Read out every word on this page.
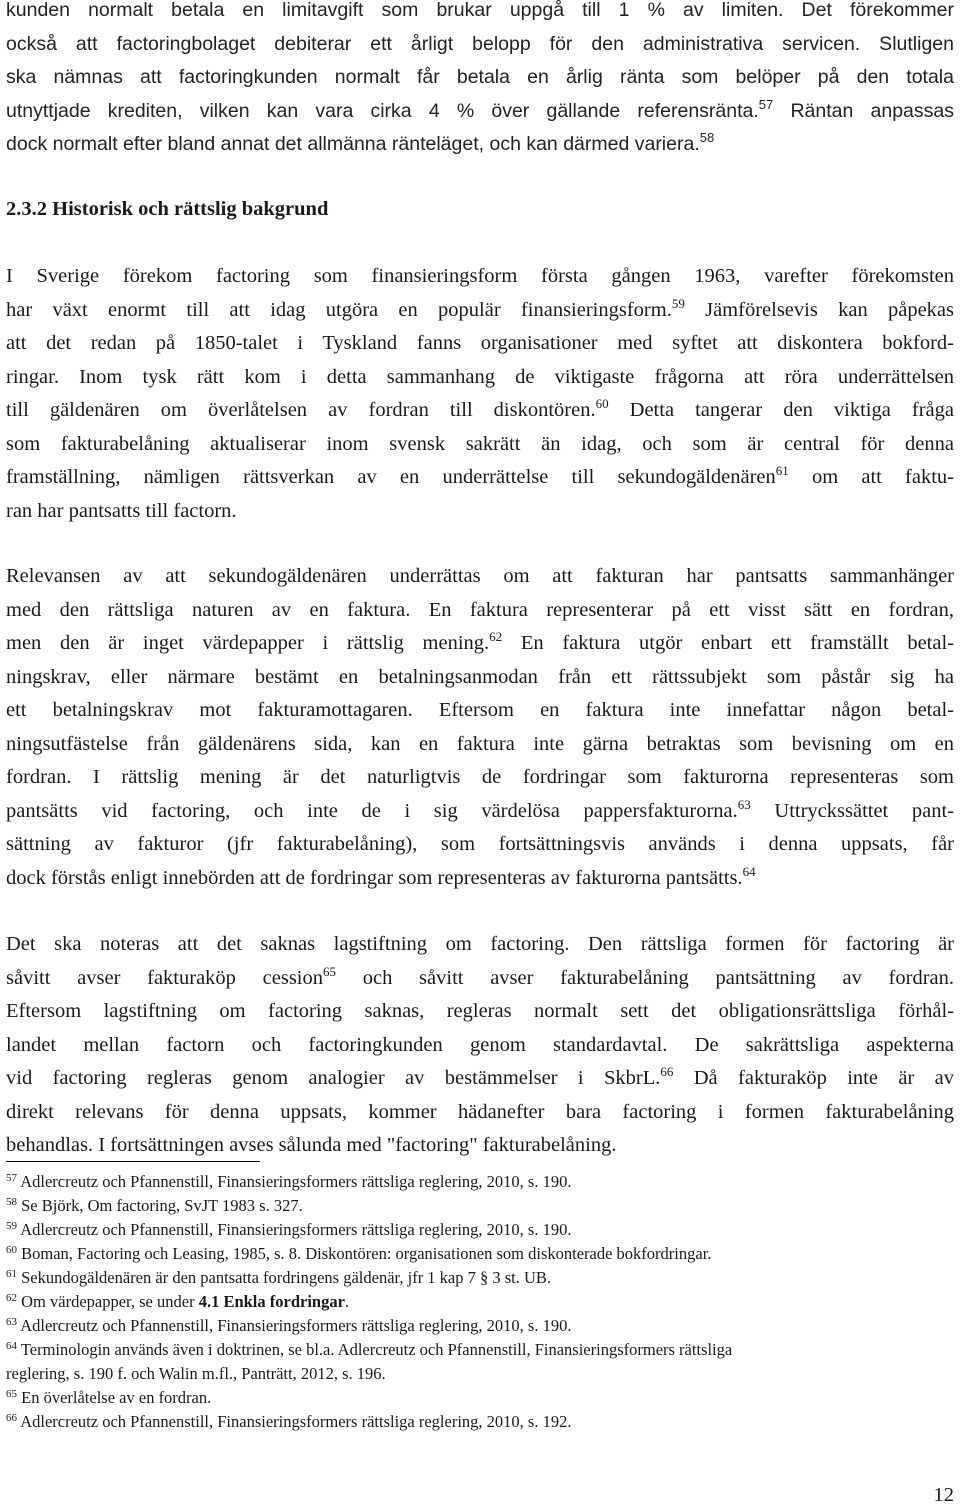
kunden normalt betala en limitavgift som brukar uppgå till 1 % av limiten. Det förekommer
också att factoringbolaget debiterar ett årligt belopp för den administrativa servicen. Slutligen
ska nämnas att factoringkunden normalt får betala en årlig ränta som belöper på den totala
utnyttjade krediten, vilken kan vara cirka 4 % över gällande referensränta.$^{57}$ Räntan anpassas
dock normalt efter bland annat det allmänna ränteläget, och kan därmed variera.$^{58}$

2.3.2 Historisk och rättslig bakgrund

I Sverige förekom factoring som finansieringsform första gången 1963, varefter förekomsten
har växt enormt till att idag utgöra en populär finansieringsform.$^{59}$ Jämförelsevis kan påpekas
att det redan på 1850-talet i Tyskland fanns organisationer med syftet att diskontera bokford-
ringar. Inom tysk rätt kom i detta sammanhang de viktigaste frågorna att röra underrättelsen
till gäldenären om överlåtelsen av fordran till diskontören.$^{60}$ Detta tangerar den viktiga fråga
som fakturabelåning aktualiserar inom svensk sakrätt än idag, och som är central för denna
framställning, nämligen rättsverkan av en underrättelse till sekundogäldenären$^{61}$ om att faktu-
ran har pantsatts till factorn.

Relevansen av att sekundogäldenären underrättas om att fakturan har pantsatts sammanhänger
med den rättsliga naturen av en faktura. En faktura representerar på ett visst sätt en fordran,
men den är inget värdepapper i rättslig mening.$^{62}$ En faktura utgör enbart ett framställt betal-
ningskrav, eller närmare bestämt en betalningsanmodan från ett rättssubjekt som påstår sig ha
ett betalningskrav mot fakturamottagaren. Eftersom en faktura inte innefattar någon betal-
ningsutfästelse från gäldenärens sida, kan en faktura inte gärna betraktas som bevisning om en
fordran. I rättslig mening är det naturligtvis de fordringar som fakturorna representeras som
pantsätts vid factoring, och inte de i sig värdelösa pappersfakturorna.$^{63}$ Uttryckssättet pant-
sättning av fakturor (jfr fakturabelåning), som fortsättningsvis används i denna uppsats, får
dock förstås enligt innebörden att de fordringar som representeras av fakturorna pantsätts.$^{64}$

Det ska noteras att det saknas lagstiftning om factoring. Den rättsliga formen för factoring är
såvitt avser fakturaköp cession$^{65}$ och såvitt avser fakturabelåning pantsättning av fordran.
Eftersom lagstiftning om factoring saknas, regleras normalt sett det obligationsrättsliga förhål-
landet mellan factorn och factoringkunden genom standardavtal. De sakrättsliga aspekterna
vid factoring regleras genom analogier av bestämmelser i SkbrL.$^{66}$ Då fakturaköp inte är av
direkt relevans för denna uppsats, kommer hädanefter bara factoring i formen fakturabelåning
behandlas. I fortsättningen avses sålunda med "factoring" fakturabelåning.

$^{57}$ Adlercreutz och Pfannenstill, Finansieringsformers rättsliga reglering, 2010, s. 190.
$^{58}$ Se Björk, Om factoring, SvJT 1983 s. 327.
$^{59}$ Adlercreutz och Pfannenstill, Finansieringsformers rättsliga reglering, 2010, s. 190.
$^{60}$ Boman, Factoring och Leasing, 1985, s. 8. Diskontören: organisationen som diskonterade bokfordringar.
$^{61}$ Sekundogäldenären är den pantsatta fordringens gäldenär, jfr 1 kap 7 § 3 st. UB.
$^{62}$ Om värdepapper, se under 4.1 Enkla fordringar.
$^{63}$ Adlercreutz och Pfannenstill, Finansieringsformers rättsliga reglering, 2010, s. 190.
$^{64}$ Terminologin används även i doktrinen, se bl.a. Adlercreutz och Pfannenstill, Finansieringsformers rättsliga
reglering, s. 190 f. och Walin m.fl., Panträtt, 2012, s. 196.
$^{65}$ En överlåtelse av en fordran.
$^{66}$ Adlercreutz och Pfannenstill, Finansieringsformers rättsliga reglering, 2010, s. 192.
12
